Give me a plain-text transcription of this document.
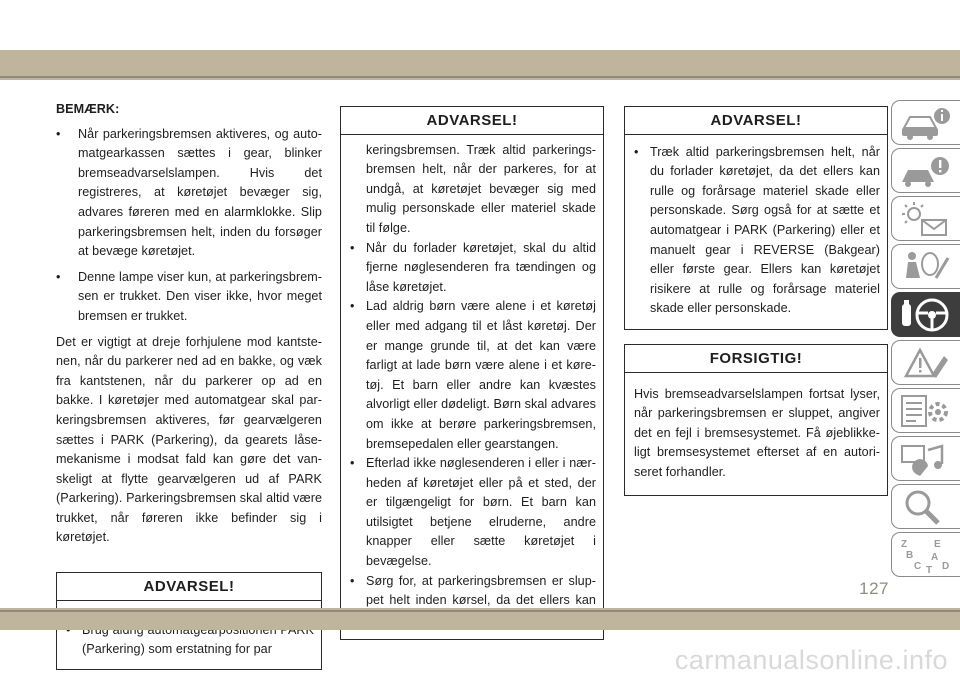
BEMÆRK:
• Når parkeringsbremsen aktiveres, og automatgearkassen sættes i gear, blinker bremseadvarselslampen. Hvis det registreres, at køretøjet bevæger sig, advares føreren med en alarmklokke. Slip parkeringsbremsen helt, inden du forsøger at bevæge køretøjet.
• Denne lampe viser kun, at parkeringsbremsen er trukket. Den viser ikke, hvor meget bremsen er trukket.

Det er vigtigt at dreje forhjulene mod kantstenen, når du parkerer ned ad en bakke, og væk fra kantstenen, når du parkerer op ad en bakke. I køretøjer med automatgear skal parkeringsbremsen aktiveres, før gearvælgeren sættes i PARK (Parkering), da gearets låsemekanisme i modsat fald kan gøre det vanskeligt at flytte gearvælgeren ud af PARK (Parkering). Parkeringsbremsen skal altid være trukket, når føreren ikke befinder sig i køretøjet.

ADVARSEL!
(Parkering) som erstatning for par
ADVARSEL!
keringsbremsen. Træk altid parkeringsbremsen helt, når der parkeres, for at undgå, at køretøjet bevæger sig med mulig personskade eller materiel skade til følge.
• Når du forlader køretøjet, skal du altid fjerne nøglesenderen fra tændingen og låse køretøjet.
• Lad aldrig børn være alene i et køretøj eller med adgang til et låst køretøj. Der er mange grunde til, at det kan være farligt at lade børn være alene i et køretøj. Et barn eller andre kan kvæstes alvorligt eller dødeligt. Børn skal advares om ikke at berøre parkeringsbremsen, bremsepedalen eller gearstangen.
• Efterlad ikke nøglesenderen i eller i nærheden af køretøjet eller på et sted, der er tilgængeligt for børn. Et barn kan utilsigtet betjene elruderne, andre knapper eller sætte køretøjet i bevægelse.
• Sørg for, at parkeringsbremsen er sluppet helt inden kørsel, da det ellers kan
ADVARSEL!
• Træk altid parkeringsbremsen helt, når du forlader køretøjet, da det ellers kan rulle og forårsage materiel skade eller personskade. Sørg også for at sætte et automatgear i PARK (Parkering) eller et manuelt gear i REVERSE (Bakgear) eller første gear. Ellers kan køretøjet risikere at rulle og forårsage materiel skade eller personskade.
FORSIGTIG!

Hvis bremseadvarselslampen fortsat lyser, når parkeringsbremsen er sluppet, angiver det en fejl i bremsesystemet. Få øjeblikkeligt bremsesystemet efterset af en autoriseret forhandler.

Z	E
B A
C T D
127
carmanualsonline.info
